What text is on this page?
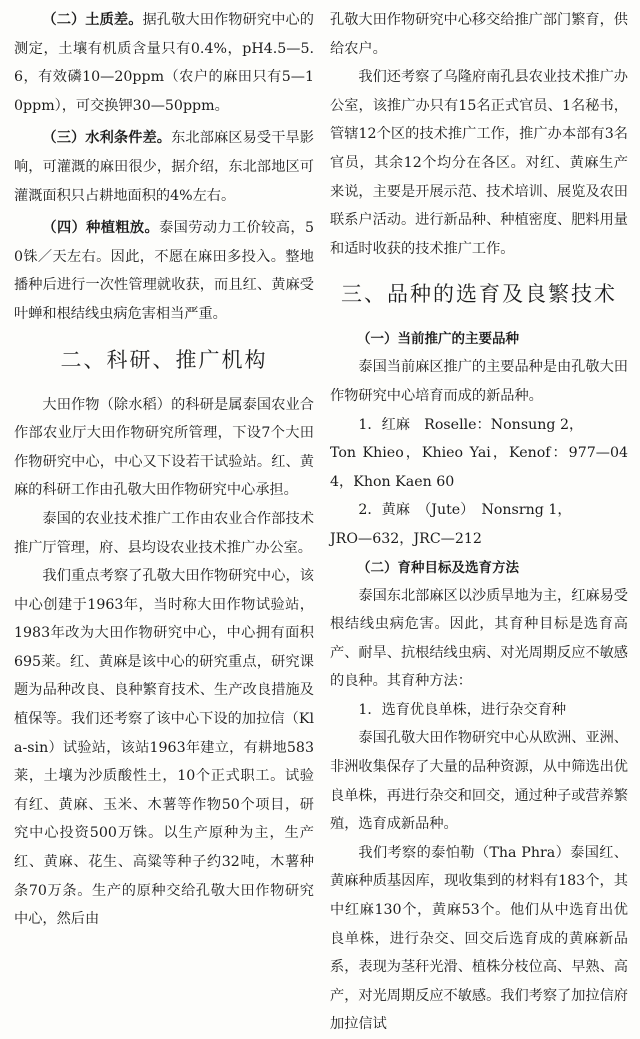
（二）土质差。据孔敬大田作物研究中心的测定，土壤有机质含量只有0.4%，pH4.5—5.6，有效磷10—20ppm（农户的麻田只有5—10ppm），可交换钾30—50ppm。

（三）水利条件差。东北部麻区易受干旱影响，可灌溉的麻田很少，据介绍，东北部地区可灌溉面积只占耕地面积的4%左右。

（四）种植粗放。泰国劳动力工价较高，50铢／天左右。因此，不愿在麻田多投入。整地播种后进行一次性管理就收获，而且红、黄麻受叶蝉和根结线虫病危害相当严重。

二、科研、推广机构

大田作物（除水稻）的科研是属泰国农业合作部农业厅大田作物研究所管理，下设7个大田作物研究中心，中心又下设若干试验站。红、黄麻的科研工作由孔敬大田作物研究中心承担。

泰国的农业技术推广工作由农业合作部技术推广厅管理，府、县均设农业技术推广办公室。

我们重点考察了孔敬大田作物研究中心，该中心创建于1963年，当时称大田作物试验站，1983年改为大田作物研究中心，中心拥有面积695莱。红、黄麻是该中心的研究重点，研究课题为品种改良、良种繁育技术、生产改良措施及植保等。我们还考察了该中心下设的加拉信（Kla-sin）试验站，该站1963年建立，有耕地583莱，土壤为沙质酸性土，10个正式职工。试验有红、黄麻、玉米、木薯等作物50个项目，研究中心投资500万铢。以生产原种为主，生产红、黄麻、花生、高粱等种子约32吨，木薯种条70万条。生产的原种交给孔敬大田作物研究中心，然后由

孔敬大田作物研究中心移交给推广部门繁育，供给农户。

我们还考察了乌隆府南孔县农业技术推广办公室，该推广办只有15名正式官员、1名秘书，管辖12个区的技术推广工作，推广办本部有3名官员，其余12个均分在各区。对红、黄麻生产来说，主要是开展示范、技术培训、展览及农田联系户活动。进行新品种、种植密度、肥料用量和适时收获的技术推广工作。

三、品种的选育及良繁技术
（一）当前推广的主要品种

泰国当前麻区推广的主要品种是由孔敬大田作物研究中心培育而成的新品种。

1．红麻　Roselle：Nonsung 2，

Ton Khieo，Khieo Yai，Kenof：977—044，Khon Kaen 60

2．黄麻　（Jute）　Nonsrng 1，

JRO—632，JRC—212

（二）育种目标及选育方法

泰国东北部麻区以沙质旱地为主，红麻易受根结线虫病危害。因此，其育种目标是选育高产、耐旱、抗根结线虫病、对光周期反应不敏感的良种。其育种方法：

1．选育优良单株，进行杂交育种

泰国孔敬大田作物研究中心从欧洲、亚洲、非洲收集保存了大量的品种资源，从中筛选出优良单株，再进行杂交和回交，通过种子或营养繁殖，选育成新品种。

我们考察的泰怕勒（Tha Phra）泰国红、黄麻种质基因库，现收集到的材料有183个，其中红麻130个，黄麻53个。他们从中选育出优良单株，进行杂交、回交后选育成的黄麻新品系，表现为茎秆光滑、植株分枝位高、早熟、高产，对光周期反应不敏感。我们考察了加拉信府加拉信试
